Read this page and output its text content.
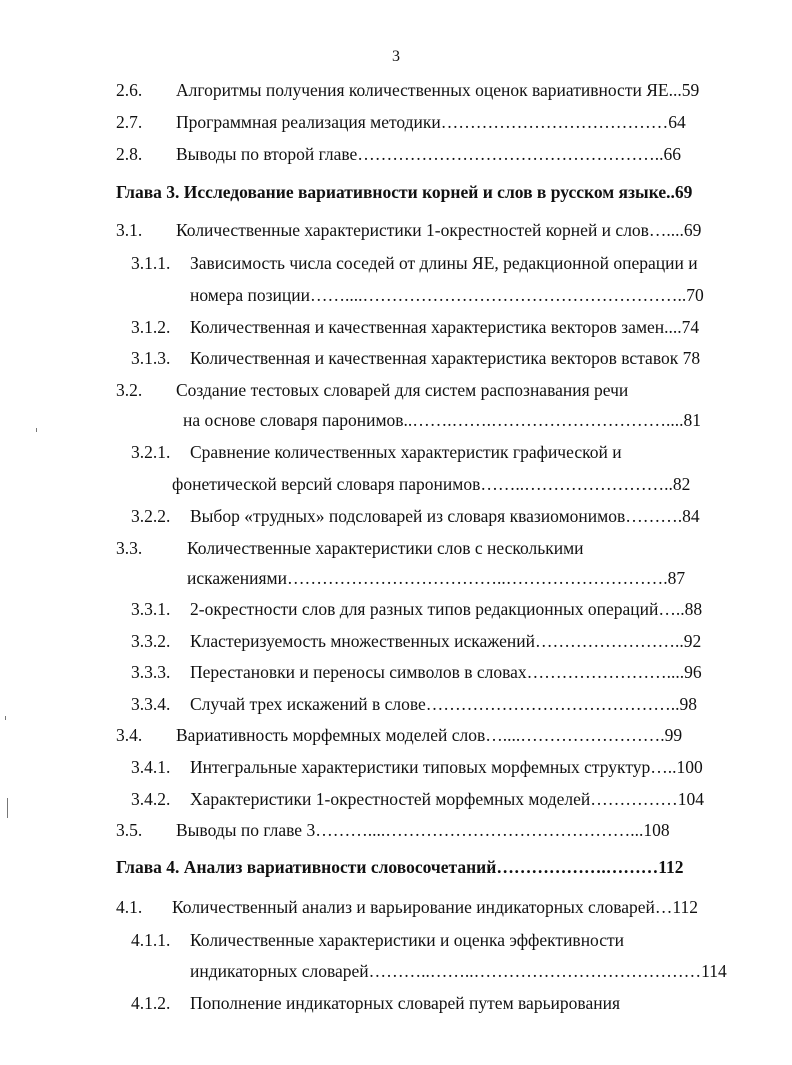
3
2.6. Алгоритмы получения количественных оценок вариативности ЯЕ...59
2.7. Программная реализация методики…………………………………64
2.8. Выводы по второй главе……………………………………………..66
Глава 3. Исследование вариативности корней и слов в русском языке..69
3.1. Количественные характеристики 1-окрестностей корней и слов…....69
3.1.1. Зависимость числа соседей от длины ЯЕ, редакционной операции и
номера позиции……....………………………………………………..70
3.1.2. Количественная и качественная характеристика векторов замен....74
3.1.3. Количественная и качественная характеристика векторов вставок 78
3.2. Создание тестовых словарей для систем распознавания речи
на основе словаря паронимов..…….…….…………………………....81
3.2.1. Сравнение количественных характеристик графической и
фонетической версий словаря паронимов……..……………………..82
3.2.2. Выбор «трудных» подсловарей из словаря квазиомонимов……….84
3.3.	Количественные характеристики слов с несколькими
искажениями………………………………..……………………….87
3.3.1. 2-окрестности слов для разных типов редакционных операций…..88
3.3.2. Кластеризуемость множественных искажений……………………..92
3.3.3. Перестановки и переносы символов в словах……………………....96
3.3.4. Случай трех искажений в слове……………………………………..98
3.4. Вариативность морфемных моделей слов…....…………………….99
3.4.1. Интегральные характеристики типовых морфемных структур…..100
3.4.2. Характеристики 1-окрестностей морфемных моделей……………104
3.5. Выводы по главе 3………....……………………………………...108
Глава 4. Анализ вариативности словосочетаний……………….………112
4.1. Количественный анализ и варьирование индикаторных словарей…112
4.1.1. Количественные характеристики и оценка эффективности
индикаторных словарей………..……..…………………………………114
4.1.2. Пополнение индикаторных словарей путем варьирования
